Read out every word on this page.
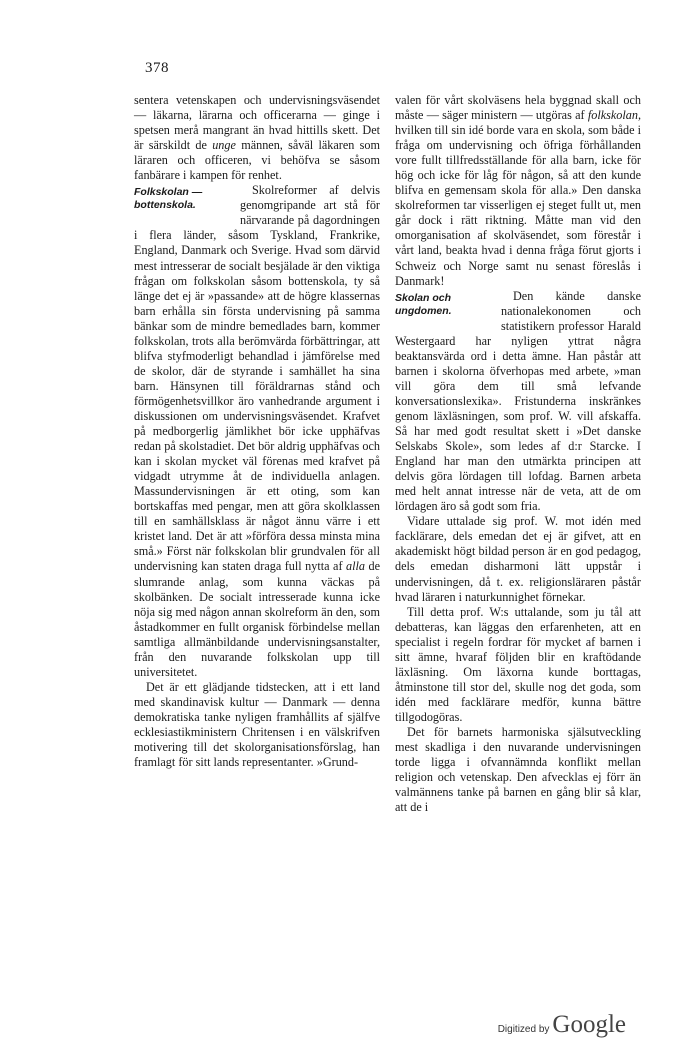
378

sentera vetenskapen och undervisningsväsendet — läkarna, lärarna och officerarna — ginge i spetsen merå mangrant än hvad hittills skett. Det är särskildt de unge männen, såväl läkaren som läraren och officeren, vi behöfva se såsom fanbärare i kampen för renhet.

Folkskolan —
bottenskola.
Skolreformer af delvis genomgripande art stå för närvarande på dagordningen i flera länder, såsom Tyskland, Frankrike, England, Danmark och Sverige. Hvad som därvid mest intresserar de socialt besjälade är den viktiga frågan om folkskolan såsom bottenskola, ty så länge det ej är »passande» att de högre klassernas barn erhålla sin första undervisning på samma bänkar som de mindre bemedlades barn, kommer folkskolan, trots alla berömvärda förbättringar, att blifva styfmoderligt behandlad i jämförelse med de skolor, där de styrande i samhället ha sina barn. Hänsynen till föräldrarnas stånd och förmögenhetsvillkor äro vanhedrande argument i diskussionen om undervisningsväsendet. Krafvet på medborgerlig jämlikhet bör icke upphäfvas redan på skolstadiet. Det bör aldrig upphäfvas och kan i skolan mycket väl förenas med krafvet på vidgadt utrymme åt de individuella anlagen. Massundervisningen är ett oting, som kan bortskaffas med pengar, men att göra skolklassen till en samhällsklass är något ännu värre i ett kristet land. Det är att »förföra dessa minsta mina små.» Först när folkskolan blir grundvalen för all undervisning kan staten draga full nytta af alla de slumrande anlag, som kunna väckas på skolbänken. De socialt intresserade kunna icke nöja sig med någon annan skolreform än den, som åstadkommer en fullt organisk förbindelse mellan samtliga allmänbildande undervisningsanstalter, från den nuvarande folkskolan upp till universitetet.

Det är ett glädjande tidstecken, att i ett land med skandinavisk kultur — Danmark — denna demokratiska tanke nyligen framhållits af själfve ecklesiastikministern Chritensen i en välskrifven motivering till det skolorganisationsförslag, han framlagt för sitt lands representanter. »Grund-

valen för vårt skolväsens hela byggnad skall och måste — säger ministern — utgöras af folkskolan, hvilken till sin idé borde vara en skola, som både i fråga om undervisning och öfriga förhållanden vore fullt tillfredsställande för alla barn, icke för hög och icke för låg för någon, så att den kunde blifva en gemensam skola för alla.» Den danska skolreformen tar visserligen ej steget fullt ut, men går dock i rätt riktning. Måtte man vid den omorganisation af skolväsendet, som förestår i vårt land, beakta hvad i denna fråga förut gjorts i Schweiz och Norge samt nu senast föreslås i Danmark!

Skolan och
ungdomen.
Den kände danske nationalekonomen och statistikern professor Harald Westergaard har nyligen yttrat några beaktansvärda ord i detta ämne. Han påstår att barnen i skolorna öfverhopas med arbete, »man vill göra dem till små lefvande konversationslexika». Fristunderna inskränkes genom läxläsningen, som prof. W. vill afskaffa. Så har med godt resultat skett i »Det danske Selskabs Skole», som ledes af d:r Starcke. I England har man den utmärkta principen att delvis göra lördagen till lofdag. Barnen arbeta med helt annat intresse när de veta, att de om lördagen äro så godt som fria.

Vidare uttalade sig prof. W. mot idén med facklärare, dels emedan det ej är gifvet, att en akademiskt högt bildad person är en god pedagog, dels emedan disharmoni lätt uppstår i undervisningen, då t. ex. religionsläraren påstår hvad läraren i naturkunnighet förnekar.

Till detta prof. W:s uttalande, som ju tål att debatteras, kan läggas den erfarenheten, att en specialist i regeln fordrar för mycket af barnen i sitt ämne, hvaraf följden blir en kraftödande läxläsning. Om läxorna kunde borttagas, åtminstone till stor del, skulle nog det goda, som idén med facklärare medför, kunna bättre tillgodogöras.

Det för barnets harmoniska själsutveckling mest skadliga i den nuvarande undervisningen torde ligga i ofvannämnda konflikt mellan religion och vetenskap. Den afvecklas ej förr än valmännens tanke på barnen en gång blir så klar, att de i

Digitized by Google
